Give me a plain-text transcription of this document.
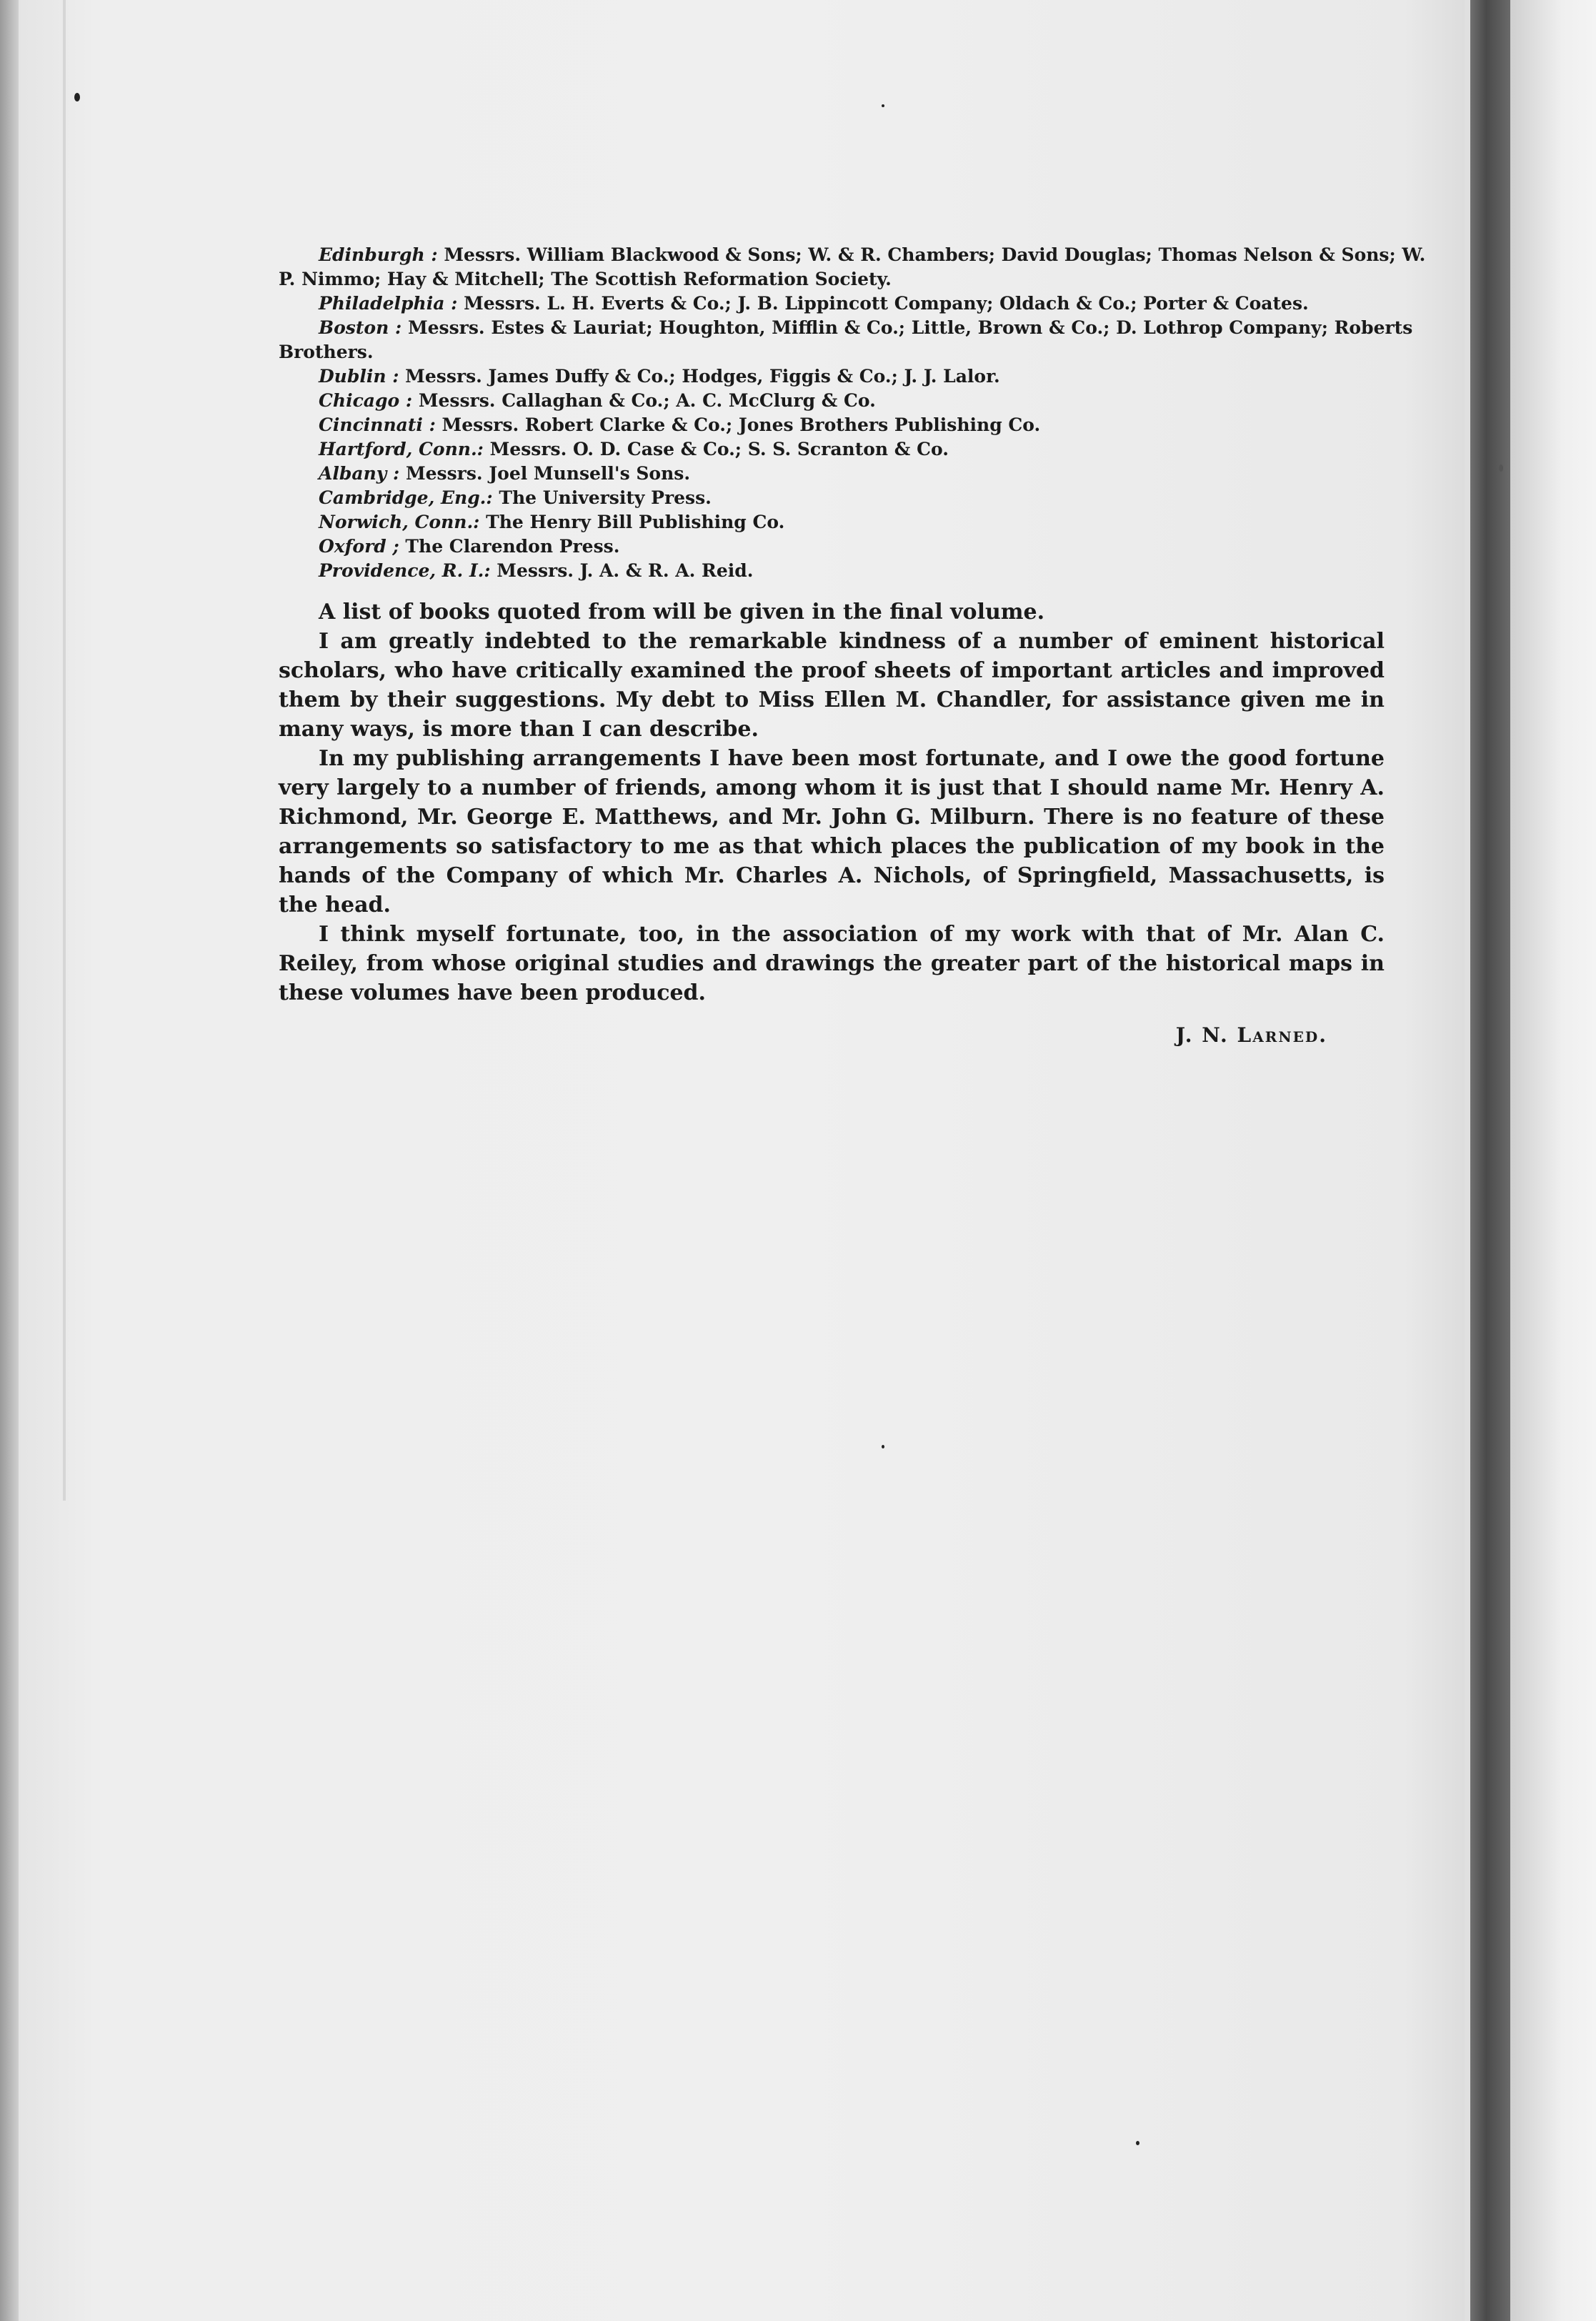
Edinburgh : Messrs. William Blackwood & Sons; W. & R. Chambers; David Douglas; Thomas Nelson & Sons; W.
P. Nimmo; Hay & Mitchell; The Scottish Reformation Society.
Philadelphia : Messrs. L. H. Everts & Co.; J. B. Lippincott Company; Oldach & Co.; Porter & Coates.
Boston : Messrs. Estes & Lauriat; Houghton, Mifflin & Co.; Little, Brown & Co.; D. Lothrop Company; Roberts
Brothers.
Dublin : Messrs. James Duffy & Co.; Hodges, Figgis & Co.; J. J. Lalor.
Chicago : Messrs. Callaghan & Co.; A. C. McClurg & Co.
Cincinnati : Messrs. Robert Clarke & Co.; Jones Brothers Publishing Co.
Hartford, Conn.: Messrs. O. D. Case & Co.; S. S. Scranton & Co.
Albany : Messrs. Joel Munsell's Sons.
Cambridge, Eng.: The University Press.
Norwich, Conn.: The Henry Bill Publishing Co.
Oxford ; The Clarendon Press.
Providence, R. I.: Messrs. J. A. & R. A. Reid.

A list of books quoted from will be given in the final volume.

I am greatly indebted to the remarkable kindness of a number of eminent historical scholars, who have critically examined the proof sheets of important articles and improved them by their suggestions. My debt to Miss Ellen M. Chandler, for assistance given me in many ways, is more than I can describe.

In my publishing arrangements I have been most fortunate, and I owe the good fortune very largely to a number of friends, among whom it is just that I should name Mr. Henry A. Richmond, Mr. George E. Matthews, and Mr. John G. Milburn. There is no feature of these arrangements so satisfactory to me as that which places the publication of my book in the hands of the Company of which Mr. Charles A. Nichols, of Springfield, Massachusetts, is the head.

I think myself fortunate, too, in the association of my work with that of Mr. Alan C. Reiley, from whose original studies and drawings the greater part of the historical maps in these volumes have been produced.

J. N. Larned.
